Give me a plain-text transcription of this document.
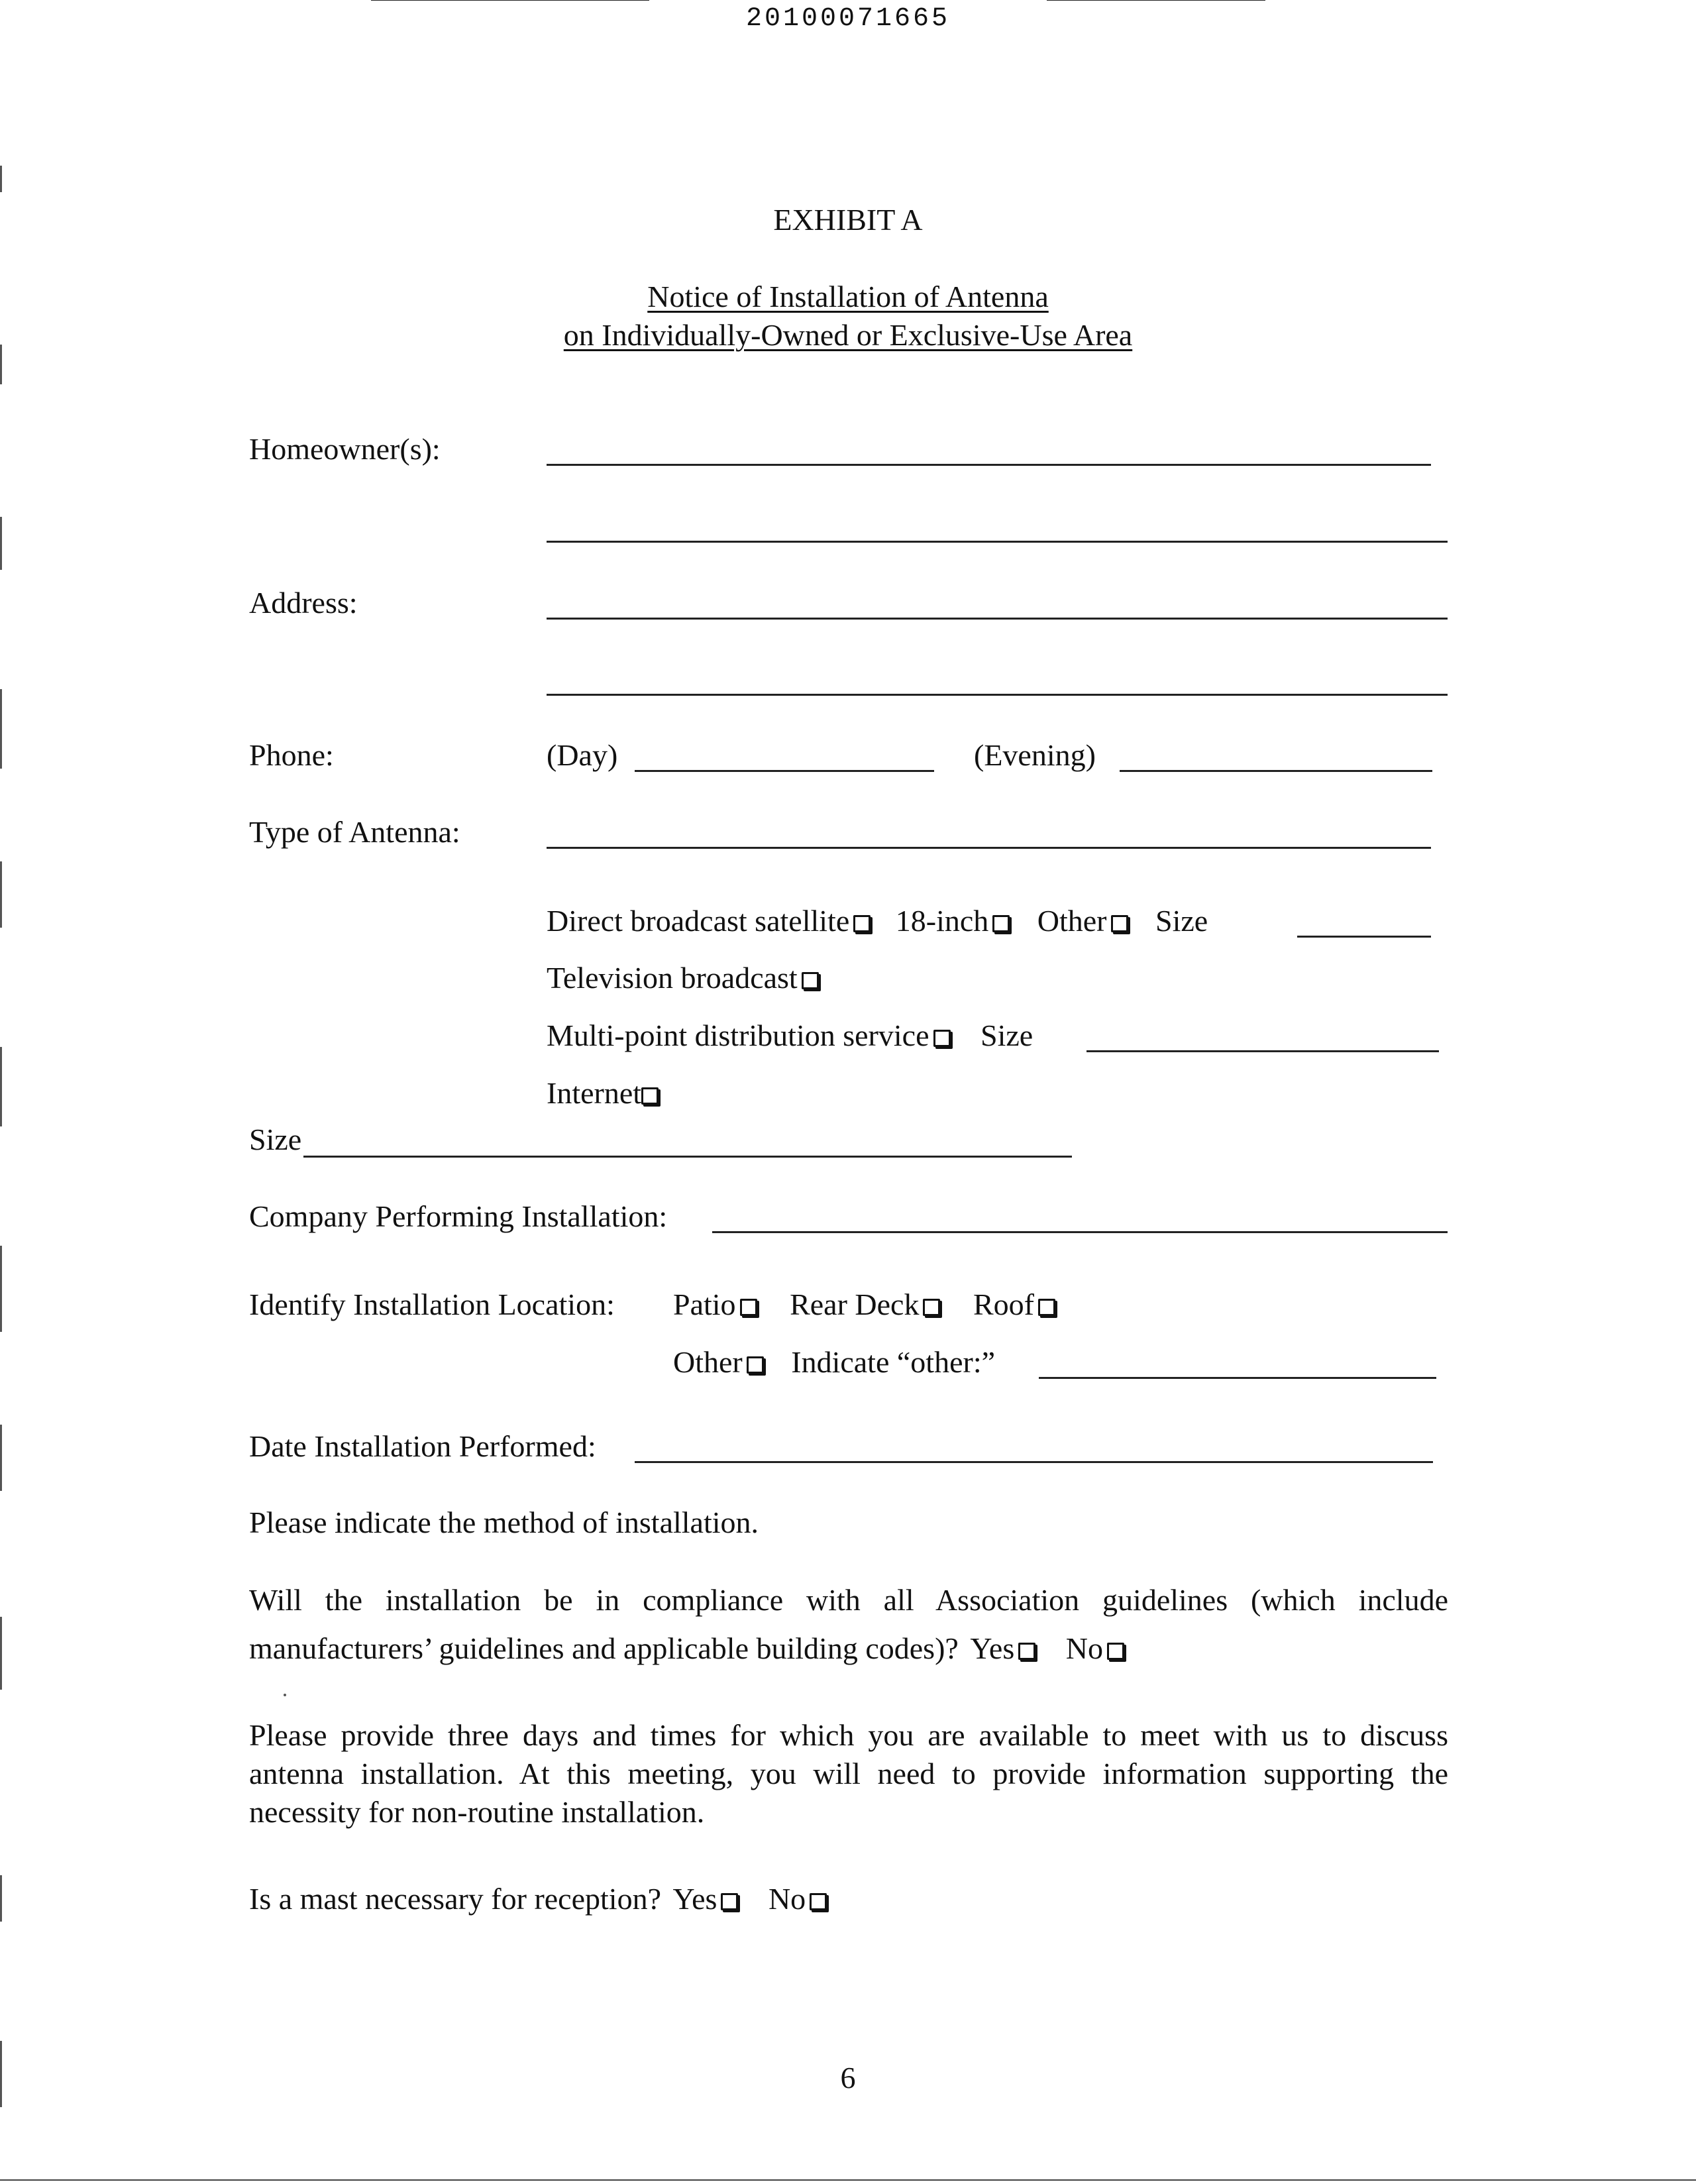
20100071665
EXHIBIT A
Notice of Installation of Antenna
on Individually-Owned or Exclusive-Use Area
Homeowner(s):
Address:
Phone:	(Day)	(Evening)
Type of Antenna:
Direct broadcast satellite 18-inch Other Size
Television broadcast
Multi-point distribution service Size
Internet
Size
Company Performing Installation:
Identify Installation Location: Patio Rear Deck Roof
Other Indicate “other:”
Date Installation Performed:
Please indicate the method of installation.
Will the installation be in compliance with all Association guidelines (which include
manufacturers’ guidelines and applicable building codes)? Yes No
Please provide three days and times for which you are available to meet with us to discuss antenna installation. At this meeting, you will need to provide information supporting the necessity for non-routine installation.
Is a mast necessary for reception? Yes No
6
